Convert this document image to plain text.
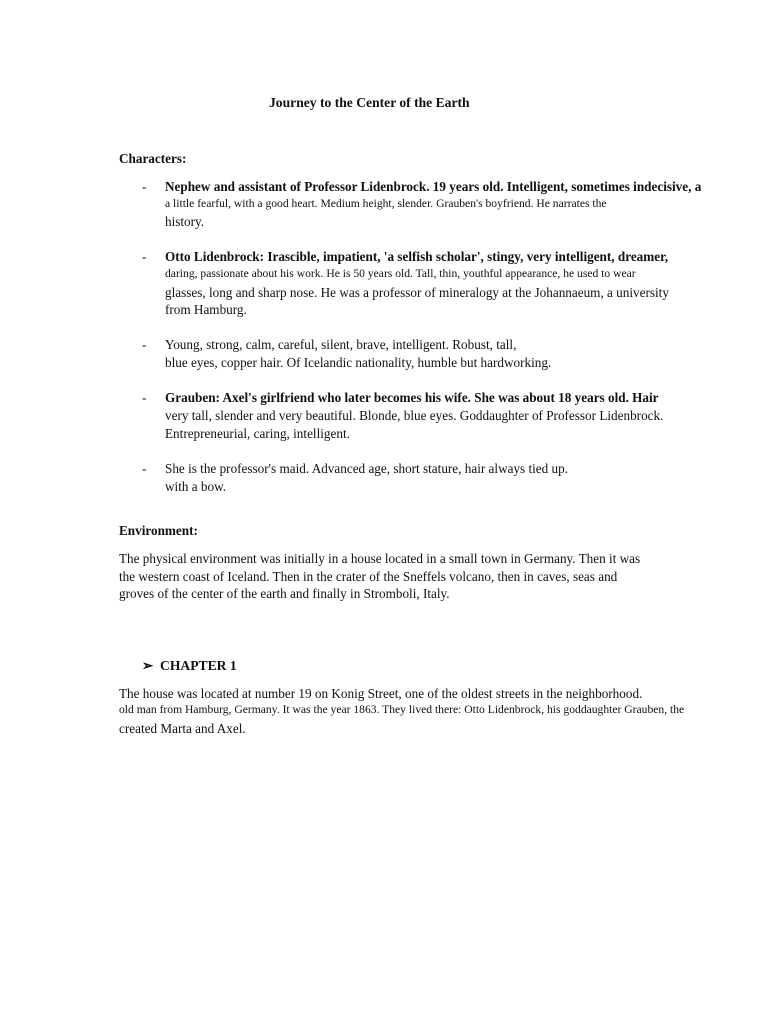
Journey to the Center of the Earth
Characters:
- Nephew and assistant of Professor Lidenbrock. 19 years old. Intelligent, sometimes indecisive, a
a little fearful, with a good heart. Medium height, slender. Grauben's boyfriend. He narrates the
history.
- Otto Lidenbrock: Irascible, impatient, 'a selfish scholar', stingy, very intelligent, dreamer,
daring, passionate about his work. He is 50 years old. Tall, thin, youthful appearance, he used to wear
glasses, long and sharp nose. He was a professor of mineralogy at the Johannaeum, a university
from Hamburg.
- Young, strong, calm, careful, silent, brave, intelligent. Robust, tall,
blue eyes, copper hair. Of Icelandic nationality, humble but hardworking.
- Grauben: Axel's girlfriend who later becomes his wife. She was about 18 years old. Hair
very tall, slender and very beautiful. Blonde, blue eyes. Goddaughter of Professor Lidenbrock.
Entrepreneurial, caring, intelligent.
- She is the professor's maid. Advanced age, short stature, hair always tied up.
with a bow.
Environment:
The physical environment was initially in a house located in a small town in Germany. Then it was
the western coast of Iceland. Then in the crater of the Sneffels volcano, then in caves, seas and
groves of the center of the earth and finally in Stromboli, Italy.
➢ CHAPTER 1
The house was located at number 19 on Konig Street, one of the oldest streets in the neighborhood.
old man from Hamburg, Germany. It was the year 1863. They lived there: Otto Lidenbrock, his goddaughter Grauben, the
created Marta and Axel.
